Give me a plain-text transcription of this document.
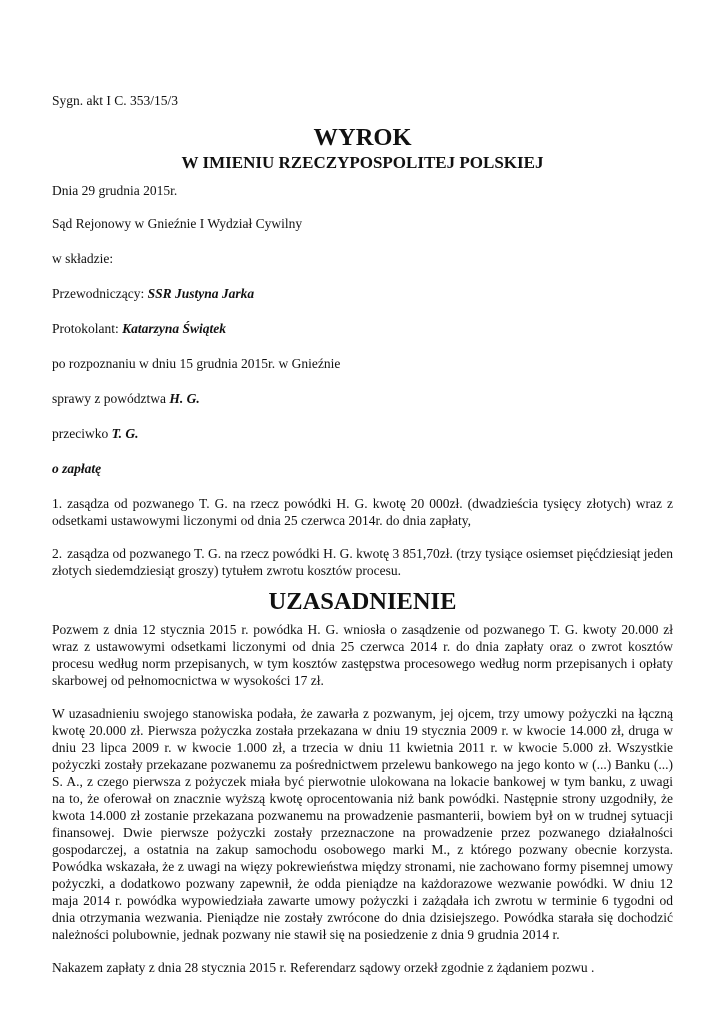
Sygn. akt I C. 353/15/3

WYROK
W IMIENIU RZECZYPOSPOLITEJ POLSKIEJ

Dnia 29 grudnia 2015r.

Sąd Rejonowy w Gnieźnie I Wydział Cywilny

w składzie:

Przewodniczący: SSR Justyna Jarka

Protokolant: Katarzyna Świątek

po rozpoznaniu w dniu 15 grudnia 2015r. w Gnieźnie

sprawy z powództwa H. G.

przeciwko T. G.

o zapłatę

1. zasądza od pozwanego T. G. na rzecz powódki H. G. kwotę 20 000zł. (dwadzieścia tysięcy złotych) wraz z odsetkami ustawowymi liczonymi od dnia 25 czerwca 2014r. do dnia zapłaty,

2. zasądza od pozwanego T. G. na rzecz powódki H. G. kwotę 3 851,70zł. (trzy tysiące osiemset pięćdziesiąt jeden złotych siedemdziesiąt groszy) tytułem zwrotu kosztów procesu.

UZASADNIENIE

Pozwem z dnia 12 stycznia 2015 r. powódka H. G. wniosła o zasądzenie od pozwanego T. G. kwoty 20.000 zł wraz z ustawowymi odsetkami liczonymi od dnia 25 czerwca 2014 r. do dnia zapłaty oraz o zwrot kosztów procesu według norm przepisanych, w tym kosztów zastępstwa procesowego według norm przepisanych i opłaty skarbowej od pełnomocnictwa w wysokości 17 zł.

W uzasadnieniu swojego stanowiska podała, że zawarła z pozwanym, jej ojcem, trzy umowy pożyczki na łączną kwotę 20.000 zł. Pierwsza pożyczka została przekazana w dniu 19 stycznia 2009 r. w kwocie 14.000 zł, druga w dniu 23 lipca 2009 r. w kwocie 1.000 zł, a trzecia w dniu 11 kwietnia 2011 r. w kwocie 5.000 zł. Wszystkie pożyczki zostały przekazane pozwanemu za pośrednictwem przelewu bankowego na jego konto w (...) Banku (...) S. A., z czego pierwsza z pożyczek miała być pierwotnie ulokowana na lokacie bankowej w tym banku, z uwagi na to, że oferował on znacznie wyższą kwotę oprocentowania niż bank powódki. Następnie strony uzgodniły, że kwota 14.000 zł zostanie przekazana pozwanemu na prowadzenie pasmanterii, bowiem był on w trudnej sytuacji finansowej. Dwie pierwsze pożyczki zostały przeznaczone na prowadzenie przez pozwanego działalności gospodarczej, a ostatnia na zakup samochodu osobowego marki M., z którego pozwany obecnie korzysta. Powódka wskazała, że z uwagi na więzy pokrewieństwa między stronami, nie zachowano formy pisemnej umowy pożyczki, a dodatkowo pozwany zapewnił, że odda pieniądze na każdorazowe wezwanie powódki. W dniu 12 maja 2014 r. powódka wypowiedziała zawarte umowy pożyczki i zażądała ich zwrotu w terminie 6 tygodni od dnia otrzymania wezwania. Pieniądze nie zostały zwrócone do dnia dzisiejszego. Powódka starała się dochodzić należności polubownie, jednak pozwany nie stawił się na posiedzenie z dnia 9 grudnia 2014 r.

Nakazem zapłaty z dnia 28 stycznia 2015 r. Referendarz sądowy orzekł zgodnie z żądaniem pozwu .
